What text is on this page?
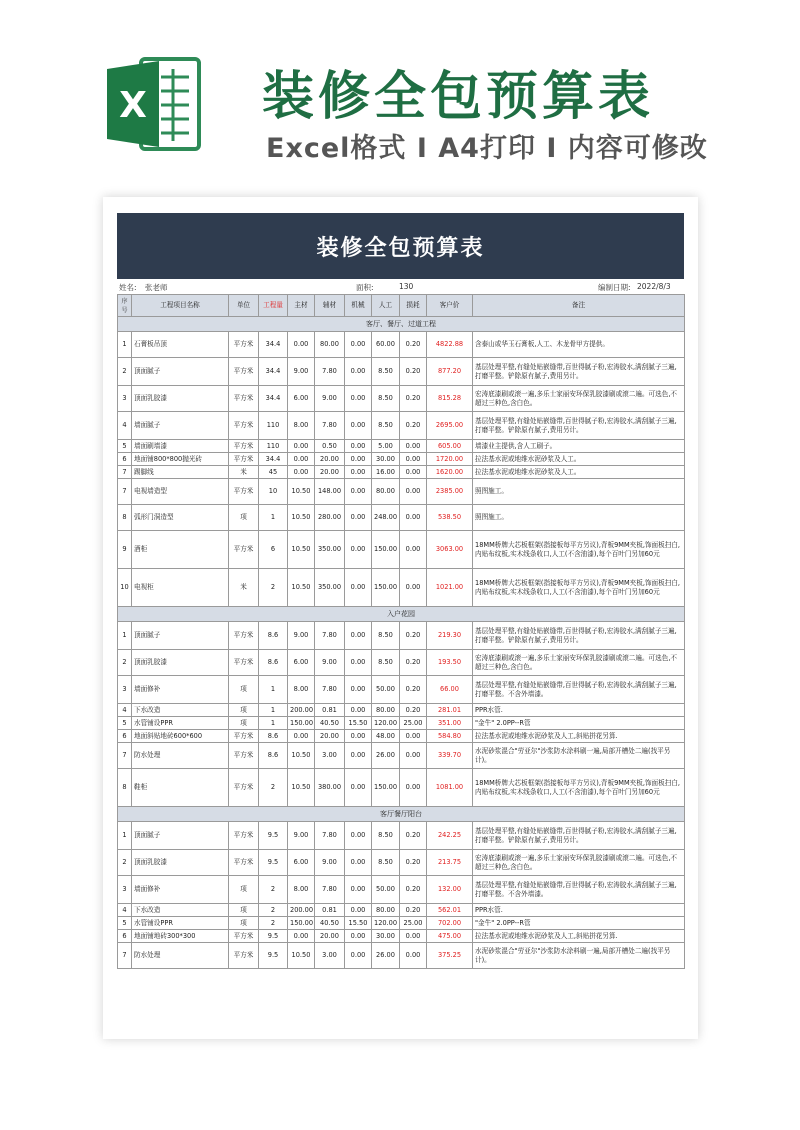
X 装修全包预算表
Excel格式 I A4打印 I 内容可修改
装修全包预算表
姓名: 张老师	面积:	130	编制日期: 2022/8/3
序号	工程项目名称	单位	工程量	主材	辅材	机械	人工	损耗	客户价	备注
客厅、餐厅、过道工程										
1	石膏板吊顶	平方米	34.4	0.00	80.00	0.00	60.00	0.20	4822.88	含泰山或华玉石膏板,人工、木龙骨甲方提供。
2	顶面腻子	平方米	34.4	9.00	7.80	0.00	8.50	0.20	877.20	基层处理平整,有缝处贴嵌缝带,百世得腻子粉,宏涛胶水,满刮腻子三遍,打磨平整。铲除原有腻子,费用另计。
3	顶面乳胶漆	平方米	34.4	6.00	9.00	0.00	8.50	0.20	815.28	宏涛底漆刷或滚一遍,多乐士家丽安环保乳胶漆刷或滚二遍。可选色,不超过三种色,含白色。
4	墙面腻子	平方米	110	8.00	7.80	0.00	8.50	0.20	2695.00	基层处理平整,有缝处贴嵌缝带,百世得腻子粉,宏涛胶水,满刮腻子三遍,打磨平整。铲除原有腻子,费用另计。
5	墙面刷墙漆	平方米	110	0.00	0.50	0.00	5.00	0.00	605.00	墙漆业主提供,含人工刷子。
6	地面铺800*800抛光砖	平方米	34.4	0.00	20.00	0.00	30.00	0.00	1720.00	拉法基水泥或地维水泥砂浆及人工。
7	踢脚线	米	45	0.00	20.00	0.00	16.00	0.00	1620.00	拉法基水泥或地维水泥砂浆及人工。
7	电视墙造型	平方米	10	10.50	148.00	0.00	80.00	0.00	2385.00	照图施工。
8	弧形门洞造型	项	1	10.50	280.00	0.00	248.00	0.00	538.50	照图施工。
9	酒柜	平方米	6	10.50	350.00	0.00	150.00	0.00	3063.00	18MM桥牌大芯板框架(指接板每平方另议),背板9MM夹板,饰面板扫白,内贴布纹板,实木线条收口,人工(不含油漆),每个百叶门另加60元
10	电视柜	米	2	10.50	350.00	0.00	150.00	0.00	1021.00	18MM桥牌大芯板框架(指接板每平方另议),背板9MM夹板,饰面板扫白,内贴布纹板,实木线条收口,人工(不含油漆),每个百叶门另加60元
入户花园										
1	顶面腻子	平方米	8.6	9.00	7.80	0.00	8.50	0.20	219.30	基层处理平整,有缝处贴嵌缝带,百世得腻子粉,宏涛胶水,满刮腻子三遍,打磨平整。铲除原有腻子,费用另计。
2	顶面乳胶漆	平方米	8.6	6.00	9.00	0.00	8.50	0.20	193.50	宏涛底漆刷或滚一遍,多乐士家丽安环保乳胶漆刷或滚二遍。可选色,不超过三种色,含白色。
3	墙面修补	项	1	8.00	7.80	0.00	50.00	0.20	66.00	基层处理平整,有缝处贴嵌缝带,百世得腻子粉,宏涛胶水,满刮腻子三遍,打磨平整。不含外墙漆。
4	下水改造	项	1	200.00	0.81	0.00	80.00	0.20	281.01	PPR水管.
5	水管铺设PPR	项	1	150.00	40.50	15.50	120.00	25.00	351.00	"金牛" 2.0PP--R管
6	地面斜贴地砖600*600	平方米	8.6	0.00	20.00	0.00	48.00	0.00	584.80	拉法基水泥或地维水泥砂浆及人工,斜贴拼花另算.
7	防水处理	平方米	8.6	10.50	3.00	0.00	26.00	0.00	339.70	水泥砂浆混合"劳亚尔"沙浆防水涂料刷一遍,局部开槽处二遍(找平另计)。
8	鞋柜	平方米	2	10.50	380.00	0.00	150.00	0.00	1081.00	18MM桥牌大芯板框架(指接板每平方另议),背板9MM夹板,饰面板扫白,内贴布纹板,实木线条收口,人工(不含油漆),每个百叶门另加60元
客厅餐厅阳台										
1	顶面腻子	平方米	9.5	9.00	7.80	0.00	8.50	0.20	242.25	基层处理平整,有缝处贴嵌缝带,百世得腻子粉,宏涛胶水,满刮腻子三遍,打磨平整。铲除原有腻子,费用另计。
2	顶面乳胶漆	平方米	9.5	6.00	9.00	0.00	8.50	0.20	213.75	宏涛底漆刷或滚一遍,多乐士家丽安环保乳胶漆刷或滚二遍。可选色,不超过三种色,含白色。
3	墙面修补	项	2	8.00	7.80	0.00	50.00	0.20	132.00	基层处理平整,有缝处贴嵌缝带,百世得腻子粉,宏涛胶水,满刮腻子三遍,打磨平整。不含外墙漆。
4	下水改造	项	2	200.00	0.81	0.00	80.00	0.20	562.01	PPR水管.
5	水管铺设PPR	项	2	150.00	40.50	15.50	120.00	25.00	702.00	"金牛" 2.0PP--R管
6	地面铺地砖300*300	平方米	9.5	0.00	20.00	0.00	30.00	0.00	475.00	拉法基水泥或地维水泥砂浆及人工,斜贴拼花另算.
7	防水处理	平方米	9.5	10.50	3.00	0.00	26.00	0.00	375.25	水泥砂浆混合"劳亚尔"沙浆防水涂料刷一遍,局部开槽处二遍(找平另计)。
